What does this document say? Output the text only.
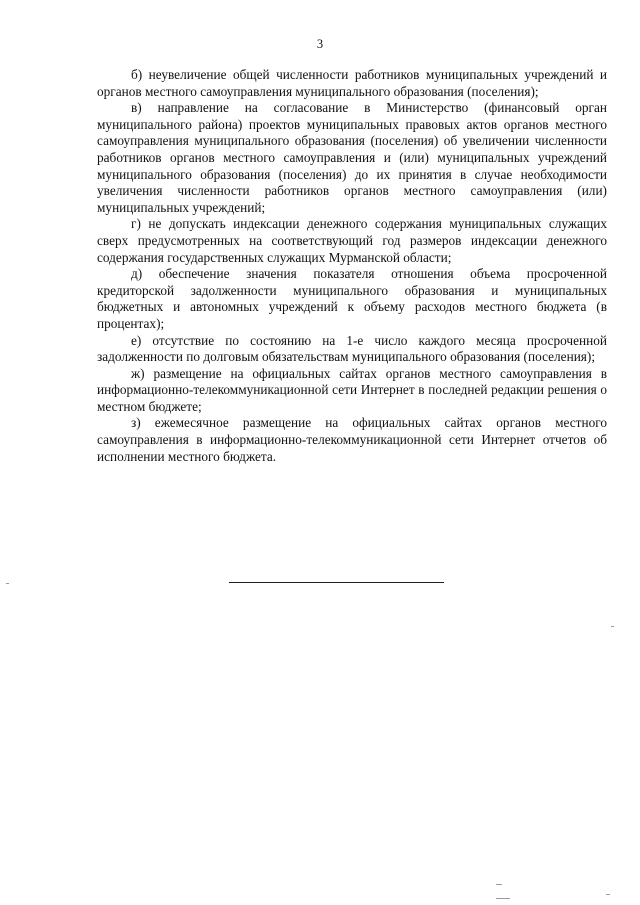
3

б) неувеличение общей численности работников муниципальных учреждений и органов местного самоуправления муниципального образования (поселения);

в) направление на согласование в Министерство (финансовый орган муниципального района) проектов муниципальных правовых актов органов местного самоуправления муниципального образования (поселения) об увеличении численности работников органов местного самоуправления и (или) муниципальных учреждений муниципального образования (поселения) до их принятия в случае необходимости увеличения численности работников органов местного самоуправления (или) муниципальных учреждений;

г) не допускать индексации денежного содержания муниципальных служащих сверх предусмотренных на соответствующий год размеров индексации денежного содержания государственных служащих Мурманской области;

д) обеспечение значения показателя отношения объема просроченной кредиторской задолженности муниципального образования и муниципальных бюджетных и автономных учреждений к объему расходов местного бюджета (в процентах);

е) отсутствие по состоянию на 1-е число каждого месяца просроченной задолженности по долговым обязательствам муниципального образования (поселения);

ж) размещение на официальных сайтах органов местного самоуправления в информационно-телекоммуникационной сети Интернет в последней редакции решения о местном бюджете;

з) ежемесячное размещение на официальных сайтах органов местного самоуправления в информационно-телекоммуникационной сети Интернет отчетов об исполнении местного бюджета.
